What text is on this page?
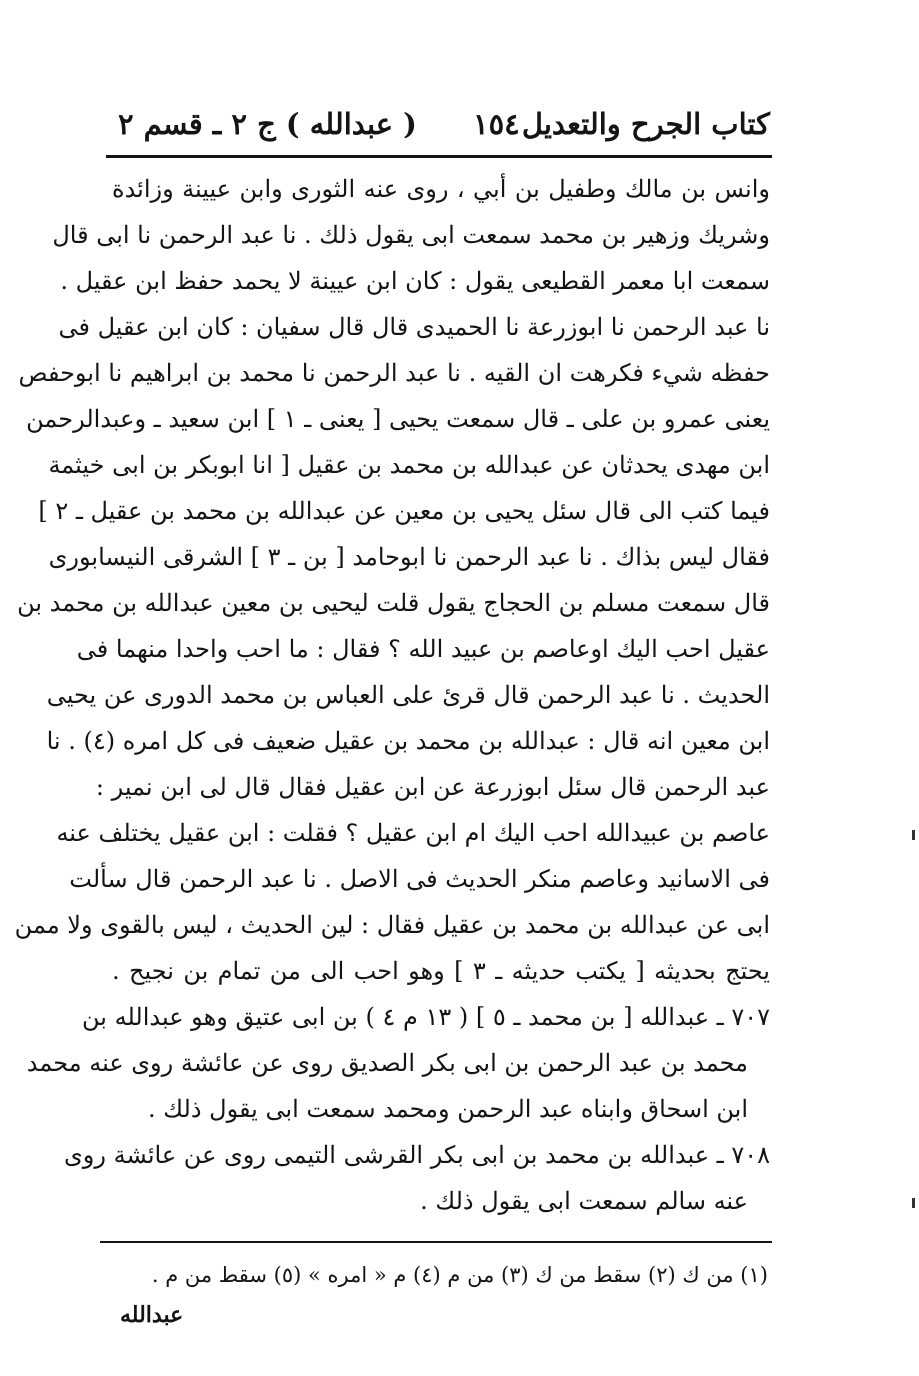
كتاب الجرح والتعديل
١٥٤
( عبدالله ) ج ٢ ـ قسم ٢
وانس بن مالك وطفيل بن أبي ، روى عنه الثورى وابن عيينة وزائدة
وشريك وزهير بن محمد سمعت ابى يقول ذلك . نا عبد الرحمن نا ابى قال
سمعت ابا معمر القطيعى يقول : كان ابن عيينة لا يحمد حفظ ابن عقيل .
نا عبد الرحمن نا ابوزرعة نا الحميدى قال قال سفيان : كان ابن عقيل فى
حفظه شيء فكرهت ان القيه . نا عبد الرحمن نا محمد بن ابراهيم نا ابوحفص
يعنى عمرو بن على ـ قال سمعت يحيى [ يعنى ـ ١ ] ابن سعيد ـ وعبدالرحمن
ابن مهدى يحدثان عن عبدالله بن محمد بن عقيل [ انا ابوبكر بن ابى خيثمة
فيما كتب الى قال سئل يحيى بن معين عن عبدالله بن محمد بن عقيل ـ ٢ ]
فقال ليس بذاك . نا عبد الرحمن نا ابوحامد [ بن ـ ٣ ] الشرقى النيسابورى
قال سمعت مسلم بن الحجاج يقول قلت ليحيى بن معين عبدالله بن محمد بن
عقيل احب اليك اوعاصم بن عبيد الله ؟ فقال : ما احب واحدا منهما فى
الحديث . نا عبد الرحمن قال قرئ على العباس بن محمد الدورى عن يحيى
ابن معين انه قال : عبدالله بن محمد بن عقيل ضعيف فى كل امره (٤) . نا
عبد الرحمن قال سئل ابوزرعة عن ابن عقيل فقال قال لى ابن نمير :
عاصم بن عبيدالله احب اليك ام ابن عقيل ؟ فقلت : ابن عقيل يختلف عنه
فى الاسانيد وعاصم منكر الحديث فى الاصل . نا عبد الرحمن قال سألت
ابى عن عبدالله بن محمد بن عقيل فقال : لين الحديث ، ليس بالقوى ولا ممن
يحتج بحديثه [ يكتب حديثه ـ ٣ ] وهو احب الى من تمام بن نجيح .
٧٠٧ ـ عبدالله [ بن محمد ـ ٥ ] ( ١٣ م ٤ ) بن ابى عتيق وهو عبدالله بن
محمد بن عبد الرحمن بن ابى بكر الصديق روى عن عائشة روى عنه محمد
ابن اسحاق وابناه عبد الرحمن ومحمد سمعت ابى يقول ذلك .
٧٠٨ ـ عبدالله بن محمد بن ابى بكر القرشى التيمى روى عن عائشة روى
عنه سالم سمعت ابى يقول ذلك .
(١) من ك (٢) سقط من ك (٣) من م (٤) م « امره » (٥) سقط من م .
عبدالله
